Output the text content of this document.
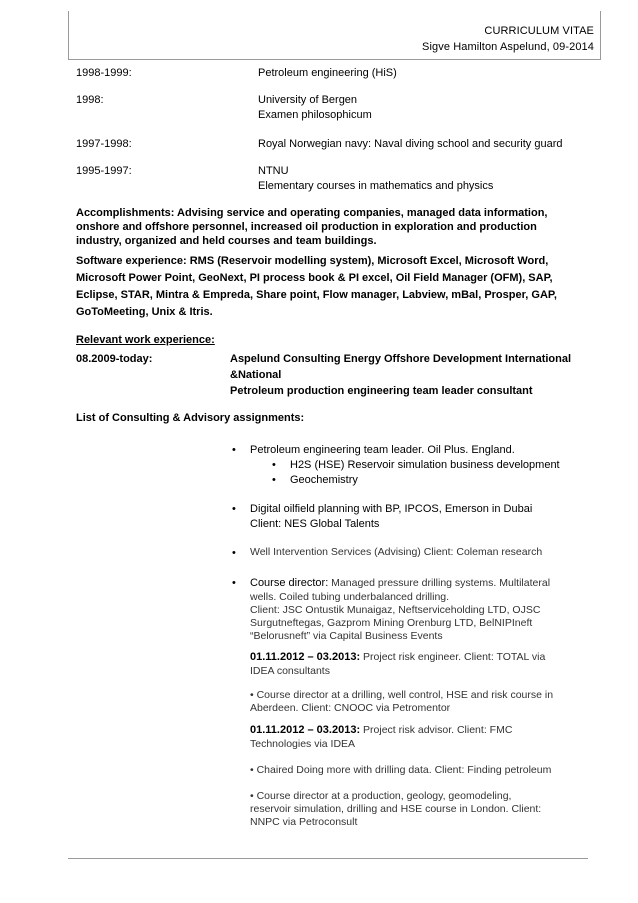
CURRICULUM VITAE
Sigve Hamilton Aspelund, 09-2014
1998-1999:	Petroleum engineering (HiS)
1998:	University of Bergen
Examen philosophicum
1997-1998:	Royal Norwegian navy: Naval diving school and security guard
1995-1997:	NTNU
Elementary courses in mathematics and physics
Accomplishments: Advising service and operating companies, managed data information, onshore and offshore personnel, increased oil production in exploration and production industry, organized and held courses and team buildings.
Software experience: RMS (Reservoir modelling system), Microsoft Excel, Microsoft Word, Microsoft Power Point, GeoNext, PI process book & PI excel, Oil Field Manager (OFM), SAP, Eclipse, STAR, Mintra & Empreda, Share point, Flow manager, Labview, mBal, Prosper, GAP, GoToMeeting, Unix & Itris.
Relevant work experience:
08.2009-today:	Aspelund Consulting Energy Offshore Development International
&National
Petroleum production engineering team leader consultant
List of Consulting & Advisory assignments:
• Petroleum engineering team leader. Oil Plus. England.
• H2S (HSE) Reservoir simulation business development
• Geochemistry
• Digital oilfield planning with BP, IPCOS, Emerson in Dubai
Client: NES Global Talents
• Well Intervention Services (Advising) Client: Coleman research
• Course director: Managed pressure drilling systems. Multilateral
wells. Coiled tubing underbalanced drilling.
Client: JSC Ontustik Munaigaz, Neftserviceholding LTD, OJSC
Surgutneftegas, Gazprom Mining Orenburg LTD, BelNIPIneft
“Belorusneft” via Capital Business Events
01.11.2012 – 03.2013: Project risk engineer. Client: TOTAL via
IDEA consultants
• Course director at a drilling, well control, HSE and risk course in
Aberdeen. Client: CNOOC via Petromentor
01.11.2012 – 03.2013: Project risk advisor. Client: FMC
Technologies via IDEA
• Chaired Doing more with drilling data. Client: Finding petroleum
• Course director at a production, geology, geomodeling,
reservoir simulation, drilling and HSE course in London. Client:
NNPC via Petroconsult
